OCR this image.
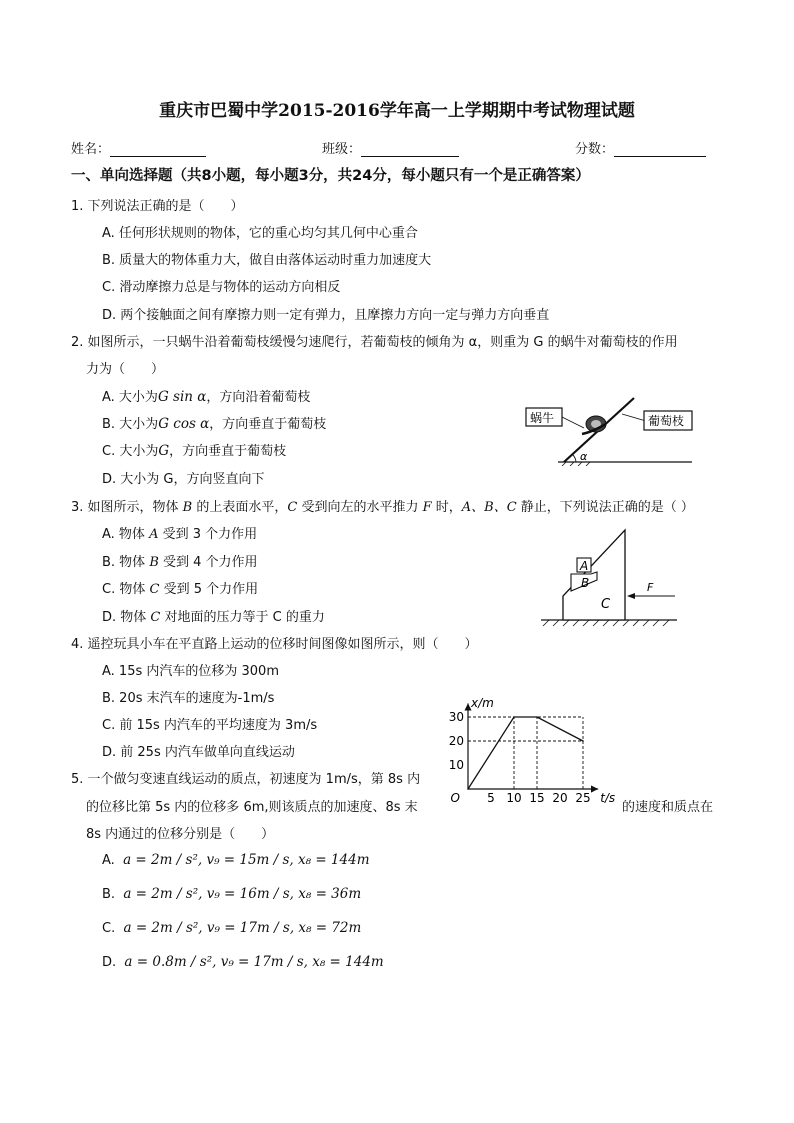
重庆市巴蜀中学2015-2016学年高一上学期期中考试物理试题
姓名：	班级：	分数：
一、单向选择题（共8小题，每小题3分，共24分，每小题只有一个是正确答案）
1. 下列说法正确的是（　　）
A. 任何形状规则的物体，它的重心均匀其几何中心重合
B. 质量大的物体重力大，做自由落体运动时重力加速度大
C. 滑动摩擦力总是与物体的运动方向相反
D. 两个接触面之间有摩擦力则一定有弹力，且摩擦力方向一定与弹力方向垂直
2. 如图所示，一只蜗牛沿着葡萄枝缓慢匀速爬行，若葡萄枝的倾角为 α，则重为 G 的蜗牛对葡萄枝的作用
力为（　　）
A. 大小为G sin α，方向沿着葡萄枝
B. 大小为G cos α，方向垂直于葡萄枝
C. 大小为G，方向垂直于葡萄枝
D. 大小为 G，方向竖直向下
α
蜗牛	葡萄枝
3. 如图所示，物体 B 的上表面水平，C 受到向左的水平推力 F 时，A、B、C 静止，下列说法正确的是（ ）
A. 物体 A 受到 3 个力作用
B. 物体 B 受到 4 个力作用
C. 物体 C 受到 5 个力作用
D. 物体 C 对地面的压力等于 C 的重力
A
B
C
F
4. 遥控玩具小车在平直路上运动的位移时间图像如图所示，则（　　）
A. 15s 内汽车的位移为 300m
B. 20s 末汽车的速度为-1m/s
C. 前 15s 内汽车的平均速度为 3m/s
D. 前 25s 内汽车做单向直线运动
5 10 15 20 25
10
20
30
O	t/s
x/m
5. 一个做匀变速直线运动的质点，初速度为 1m/s，第 8s 内
的位移比第 5s 内的位移多 6m,则该质点的加速度、8s 末	的速度和质点在
8s 内通过的位移分别是（　　）
A. a = 2m / s², v₉ = 15m / s, x₈ = 144m
B. a = 2m / s², v₉ = 16m / s, x₈ = 36m
C. a = 2m / s², v₉ = 17m / s, x₈ = 72m
D. a = 0.8m / s², v₉ = 17m / s, x₈ = 144m
